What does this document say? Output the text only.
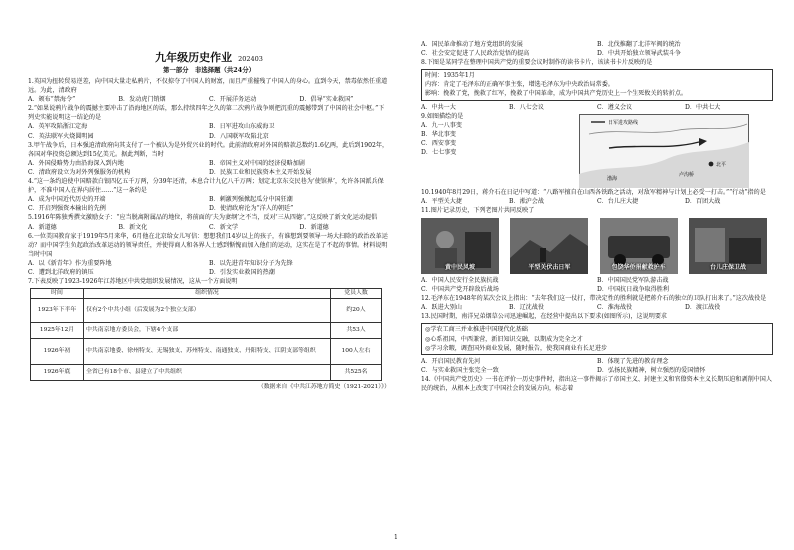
九年级历史作业 202403
第一部分　非选择题（共24分）

1.英国为扭转贸易逆差，向中国大量走私鸦片，不仅掠夺了中国人的财富，而且严重摧残了中国人的身心。直到今天，禁毒依然任重道远。为此，清政府

A．颁布“禁海令”	B．发动虎门销烟	C．开展洋务运动	D．倡导“实业救国”

2.“如果说鸦片战争的震撼主要冲击了沿海地区的话，那么持续四年之久的第二次鸦片战争则把沉重的震撼带到了中国的社会中枢。”下列史实能说明这一结论的是

A．英军攻陷浙江定海	B．日军进攻山东威海卫
C．英法联军火烧圆明园	D．八国联军攻陷北京

3.甲午战争后，日本强迫清政府向其支付了一个被认为是外贸兴业的时代。此前清政府对外国的赔款总数约1.6亿两，此后到1902年，各国对华投资总额达到15亿美元。据此判断，当时

A．外国侵略势力由沿海深入到内地	B．帝国主义对中国的经济侵略加剧
C．清政府设立为对外列强服务的机构	D．民族工业和民族资本主义开始发展

4.“这一条约迫使中国赔款白银四亿五千万两，分39年还清，本息合计九亿八千万两；划定北京东交民巷为‘使馆界’，允许各国派兵保护，不准中国人在界内居住……”这一条约是

A．成为中国近代历史的开端	B．刺激列强掀起瓜分中国狂潮
C．开启列强资本输出的先例	D．使清政府沦为“洋人的朝廷”

5.1916年陈独秀撰文激励女子：“应当脱离附属品的地位，将前面的‘夫为妻纲’之不当，反对‘三从四德’。”这反映了新文化运动提倡

A．新道德	B．新文化	C．新文学	D．新道德

6.一位美国教育家于1919年5月来华，6月他在北京给女儿写信：想想我们14岁以上的孩子，有谁想到要领导一场大扫除的政治改革运动？而中国学生负起政治改革运动的领导责任，并使得商人和各界人士感到惭愧而加入他们的运动，这实在是了不起的事情。材料说明当时中国

A．以《新青年》作为重要阵地	B．以先进青年知识分子为先锋
C．遭到北洋政府的镇压	D．引发实业救国的热潮

7.下表反映了1923-1926年江苏地区中共党组织发展情况，这从一个方面说明

时间	组织情况	党员人数
1923年下半年	仅有2个中共小组（后发展为2个独立支部）	约20人
1925年12月	中共南京地方委员会，下辖4个支部	共53人
1926年初	中共南京地委、徐州特支、无锡独支、苏州特支、南通独支、丹阳特支、江阴支部等组织	100人左右
1926年底	全省已有18个市、县建立了中共组织	共525名
（数据来自《中共江苏地方简史（1921-2021）》）
A．国民革命推动了地方党组织的发展	B．北伐推翻了北洋军阀的统治
C．社会安定促进了人民政治觉悟的提高	D．中共开始独立领导武装斗争

8.下图是某同学在整理中国共产党的重要会议时制作的读书卡片，该读书卡片反映的是

时间：1935年1月
内容：肯定了毛泽东的正确军事主张，增选毛泽东为中央政治局常委。
影响：挽救了党，挽救了红军，挽救了中国革命，成为中国共产党历史上一个生死攸关的转折点。
A．中共一大	B．八七会议	C．遵义会议	D．中共七大

9.如图描绘的是

A．九一八事变
B．华北事变
C．西安事变
D．七七事变
日军进攻路线
渤海
北平
卢沟桥

10.1940年8月29日，蒋介石在日记中写道：“八路军擅自在山西各铁路之活动，对敌军精神与计划上必受一打击。”“行动”指的是

A．平型关大捷	B．淞沪会战	C．台儿庄大捷	D．百团大战

11.图片记录历史，下列老图片共同反映了

黄中民风坡	平型关伏击日军	包饶华侨捐献救护车	台儿庄保卫战
A．中国人民安行全民族抗战	B．中国国民党军队游击战
C．中国共产党开辟敌后战场	D．中国抗日战争取得胜利

12.毛泽东在1948年的某次会议上指出：“去年我们这一仗打，带决定性的胜利就是把蒋介石的独立的卫队打出来了。”这次战役是

A．跃进大别山	B．辽沈战役	C．淮海战役	D．渡江战役

13.民国时期，南洋兄弟烟草公司迅速崛起，在经营中提出以下要求(如图所示)，这说明要求

◎学农工商三并业推进中国现代化基础
◎心系祖国，中西兼营，新旧知识交融，以期成为完全之才
◎学习余暇，调查国外商业发展，随时报告，使我国商业有长足进步
A．开启国民教育先河	B．体现了先进的教育理念
C．与实业救国主张完全一致	D．弘扬民族精神，树立强烈的爱国情怀

14.《中国共产党历史》一书在评价一历史事件时，指出这一事件揭示了帝国主义、封建主义和官僚资本主义长期压迫和剥削中国人民的统治，从根本上改变了中国社会的发展方向，标志着

1
